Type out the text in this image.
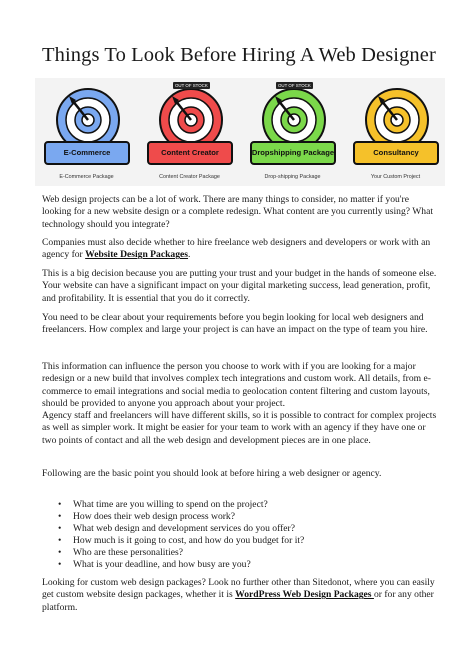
Things To Look Before Hiring A Web Designer
E-Commerce
E-Commerce Package
Content Creator
OUT OF STOCK
Content Creator Package
Dropshipping Package
OUT OF STOCK
Drop-shipping Package
Consultancy
Your Custom Project

Web design projects can be a lot of work. There are many things to consider, no matter if you're looking for a new website design or a complete redesign. What content are you currently using? What technology should you integrate?

Companies must also decide whether to hire freelance web designers and developers or work with an agency for Website Design Packages.

This is a big decision because you are putting your trust and your budget in the hands of someone else. Your website can have a significant impact on your digital marketing success, lead generation, profit, and profitability. It is essential that you do it correctly.

You need to be clear about your requirements before you begin looking for local web designers and freelancers. How complex and large your project is can have an impact on the type of team you hire.

This information can influence the person you choose to work with if you are looking for a major redesign or a new build that involves complex tech integrations and custom work. All details, from e-commerce to email integrations and social media to geolocation content filtering and custom layouts, should be provided to anyone you approach about your project.

Agency staff and freelancers will have different skills, so it is possible to contract for complex projects as well as simpler work. It might be easier for your team to work with an agency if they have one or two points of contact and all the web design and development pieces are in one place.

Following are the basic point you should look at before hiring a web designer or agency.

• What time are you willing to spend on the project?
• How does their web design process work?
• What web design and development services do you offer?
• How much is it going to cost, and how do you budget for it?
• Who are these personalities?
• What is your deadline, and how busy are you?

Looking for custom web design packages? Look no further other than Sitedonot, where you can easily get custom website design packages, whether it is WordPress Web Design Packages or for any other platform.
